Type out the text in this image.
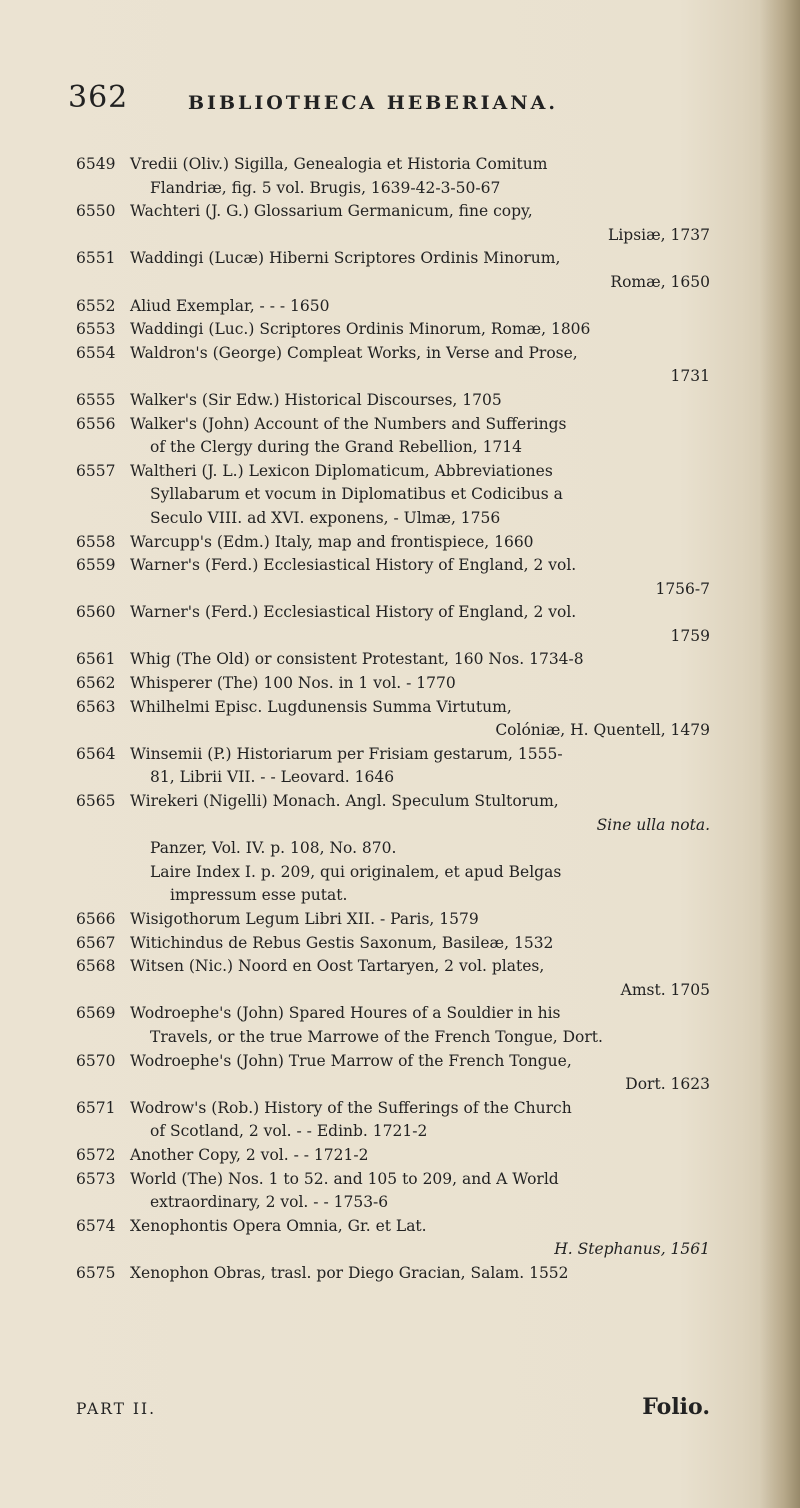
362	BIBLIOTHECA HEBERIANA.
6549 Vredii (Oliv.) Sigilla, Genealogia et Historia Comitum
Flandriæ, fig. 5 vol. Brugis, 1639-42-3-50-67
6550 Wachteri (J. G.) Glossarium Germanicum, fine copy,
Lipsiæ, 1737
6551 Waddingi (Lucæ) Hiberni Scriptores Ordinis Minorum,
Romæ, 1650
6552 Aliud Exemplar, - - - 1650
6553 Waddingi (Luc.) Scriptores Ordinis Minorum, Romæ, 1806
6554 Waldron's (George) Compleat Works, in Verse and Prose,
1731
6555 Walker's (Sir Edw.) Historical Discourses, 1705
6556 Walker's (John) Account of the Numbers and Sufferings
of the Clergy during the Grand Rebellion, 1714
6557 Waltheri (J. L.) Lexicon Diplomaticum, Abbreviationes
Syllabarum et vocum in Diplomatibus et Codicibus a
Seculo VIII. ad XVI. exponens, - Ulmæ, 1756
6558 Warcupp's (Edm.) Italy, map and frontispiece, 1660
6559 Warner's (Ferd.) Ecclesiastical History of England, 2 vol.
1756-7
6560 Warner's (Ferd.) Ecclesiastical History of England, 2 vol.
1759
6561 Whig (The Old) or consistent Protestant, 160 Nos. 1734-8
6562 Whisperer (The) 100 Nos. in 1 vol. - 1770
6563 Whilhelmi Episc. Lugdunensis Summa Virtutum,
Colóniæ, H. Quentell, 1479
6564 Winsemii (P.) Historiarum per Frisiam gestarum, 1555-
81, Librii VII. - - Leovard. 1646
6565 Wirekeri (Nigelli) Monach. Angl. Speculum Stultorum,
Sine ulla nota.
Panzer, Vol. IV. p. 108, No. 870.
Laire Index I. p. 209, qui originalem, et apud Belgas
impressum esse putat.
6566 Wisigothorum Legum Libri XII. - Paris, 1579
6567 Witichindus de Rebus Gestis Saxonum, Basileæ, 1532
6568 Witsen (Nic.) Noord en Oost Tartaryen, 2 vol. plates,
Amst. 1705
6569 Wodroephe's (John) Spared Houres of a Souldier in his
Travels, or the true Marrowe of the French Tongue, Dort.
6570 Wodroephe's (John) True Marrow of the French Tongue,
Dort. 1623
6571 Wodrow's (Rob.) History of the Sufferings of the Church
of Scotland, 2 vol. - - Edinb. 1721-2
6572 Another Copy, 2 vol. - - 1721-2
6573 World (The) Nos. 1 to 52. and 105 to 209, and A World
extraordinary, 2 vol. - - 1753-6
6574 Xenophontis Opera Omnia, Gr. et Lat.
H. Stephanus, 1561
6575 Xenophon Obras, trasl. por Diego Gracian, Salam. 1552
PART II.	Folio.
